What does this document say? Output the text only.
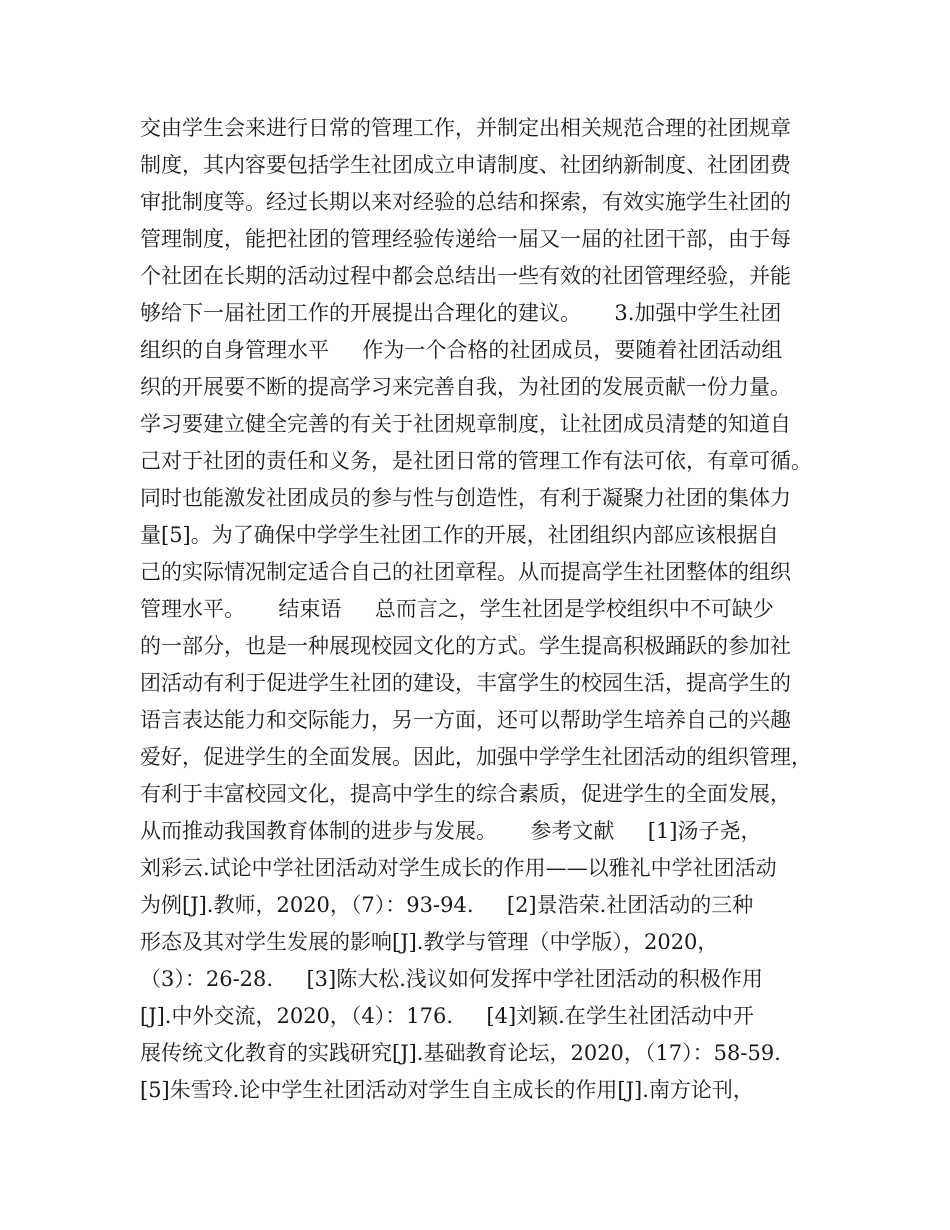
交由学生会来进行日常的管理工作，并制定出相关规范合理的社团规章
制度，其内容要包括学生社团成立申请制度、社团纳新制度、社团团费
审批制度等。经过长期以来对经验的总结和探索，有效实施学生社团的
管理制度，能把社团的管理经验传递给一届又一届的社团干部，由于每
个社团在长期的活动过程中都会总结出一些有效的社团管理经验，并能
够给下一届社团工作的开展提出合理化的建议。     3.加强中学生社团
组织的自身管理水平     作为一个合格的社团成员，要随着社团活动组
织的开展要不断的提高学习来完善自我，为社团的发展贡献一份力量。
学习要建立健全完善的有关于社团规章制度，让社团成员清楚的知道自
己对于社团的责任和义务，是社团日常的管理工作有法可依，有章可循。
同时也能激发社团成员的参与性与创造性，有利于凝聚力社团的集体力
量[5]。为了确保中学学生社团工作的开展，社团组织内部应该根据自
己的实际情况制定适合自己的社团章程。从而提高学生社团整体的组织
管理水平。     结束语     总而言之，学生社团是学校组织中不可缺少
的一部分，也是一种展现校园文化的方式。学生提高积极踊跃的参加社
团活动有利于促进学生社团的建设，丰富学生的校园生活，提高学生的
语言表达能力和交际能力，另一方面，还可以帮助学生培养自己的兴趣
爱好，促进学生的全面发展。因此，加强中学学生社团活动的组织管理，
有利于丰富校园文化，提高中学生的综合素质，促进学生的全面发展，
从而推动我国教育体制的进步与发展。     参考文献     [1]汤子尧，
刘彩云.试论中学社团活动对学生成长的作用——以雅礼中学社团活动
为例[J].教师，2020，（7）：93-94.     [2]景浩荣.社团活动的三种
形态及其对学生发展的影响[J].教学与管理（中学版），2020，
（3）：26-28.     [3]陈大松.浅议如何发挥中学社团活动的积极作用
[J].中外交流，2020，（4）：176.     [4]刘颖.在学生社团活动中开
展传统文化教育的实践研究[J].基础教育论坛，2020，（17）：58-59.
[5]朱雪玲.论中学生社团活动对学生自主成长的作用[J].南方论刊，
